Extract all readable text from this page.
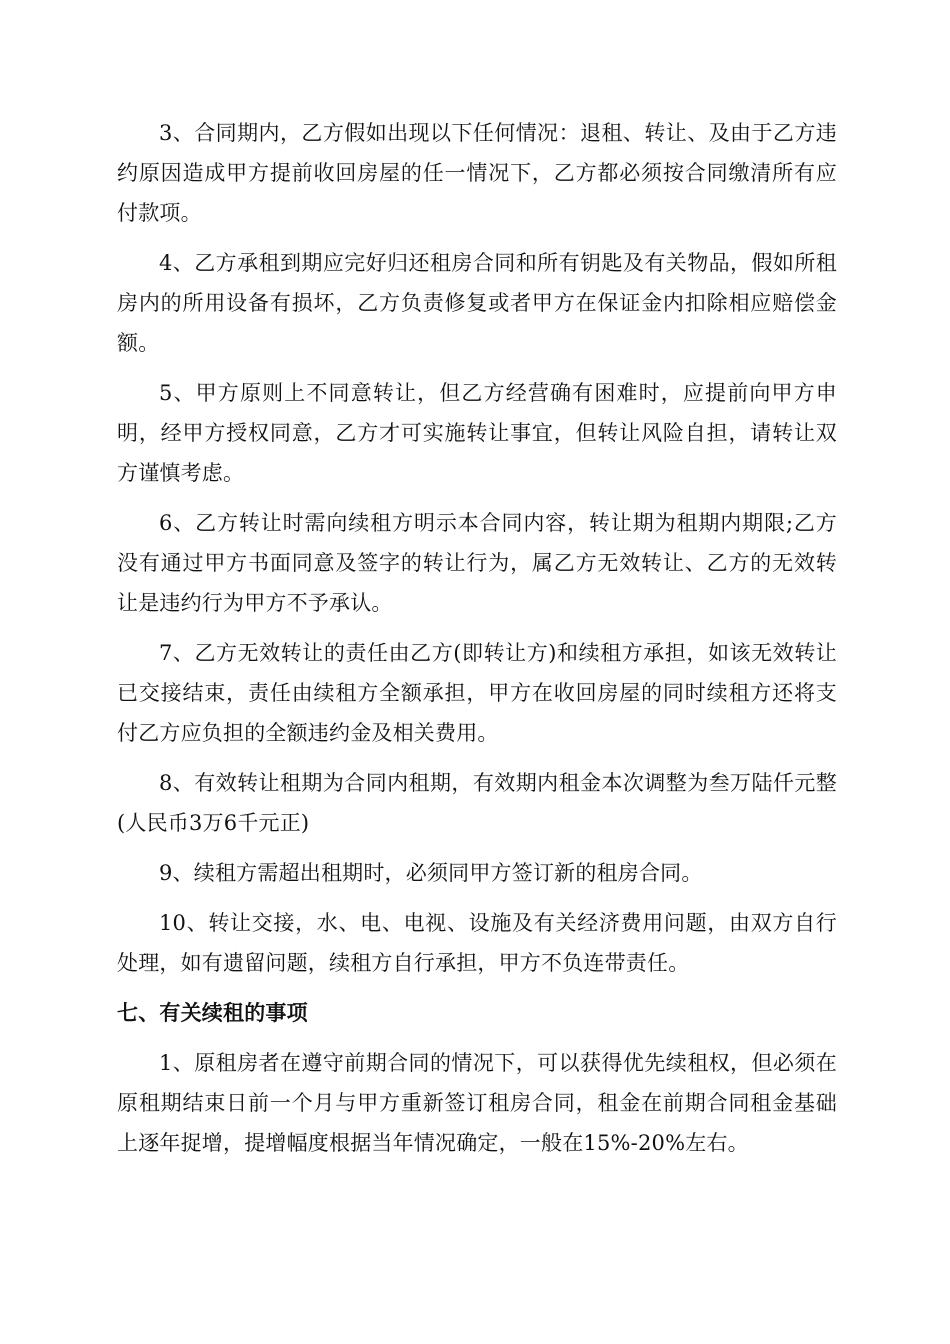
3、合同期内，乙方假如出现以下任何情况：退租、转让、及由于乙方违约原因造成甲方提前收回房屋的任一情况下，乙方都必须按合同缴清所有应付款项。

4、乙方承租到期应完好归还租房合同和所有钥匙及有关物品，假如所租房内的所用设备有损坏，乙方负责修复或者甲方在保证金内扣除相应赔偿金额。

5、甲方原则上不同意转让，但乙方经营确有困难时，应提前向甲方申明，经甲方授权同意，乙方才可实施转让事宜，但转让风险自担，请转让双方谨慎考虑。

6、乙方转让时需向续租方明示本合同内容，转让期为租期内期限;乙方没有通过甲方书面同意及签字的转让行为，属乙方无效转让、乙方的无效转让是违约行为甲方不予承认。

7、乙方无效转让的责任由乙方(即转让方)和续租方承担，如该无效转让已交接结束，责任由续租方全额承担，甲方在收回房屋的同时续租方还将支付乙方应负担的全额违约金及相关费用。

8、有效转让租期为合同内租期，有效期内租金本次调整为叁万陆仟元整(人民币3万6千元正)

9、续租方需超出租期时，必须同甲方签订新的租房合同。

10、转让交接，水、电、电视、设施及有关经济费用问题，由双方自行处理，如有遗留问题，续租方自行承担，甲方不负连带责任。

七、有关续租的事项

1、原租房者在遵守前期合同的情况下，可以获得优先续租权，但必须在原租期结束日前一个月与甲方重新签订租房合同，租金在前期合同租金基础上逐年捉增，提增幅度根据当年情况确定，一般在15%-20%左右。
